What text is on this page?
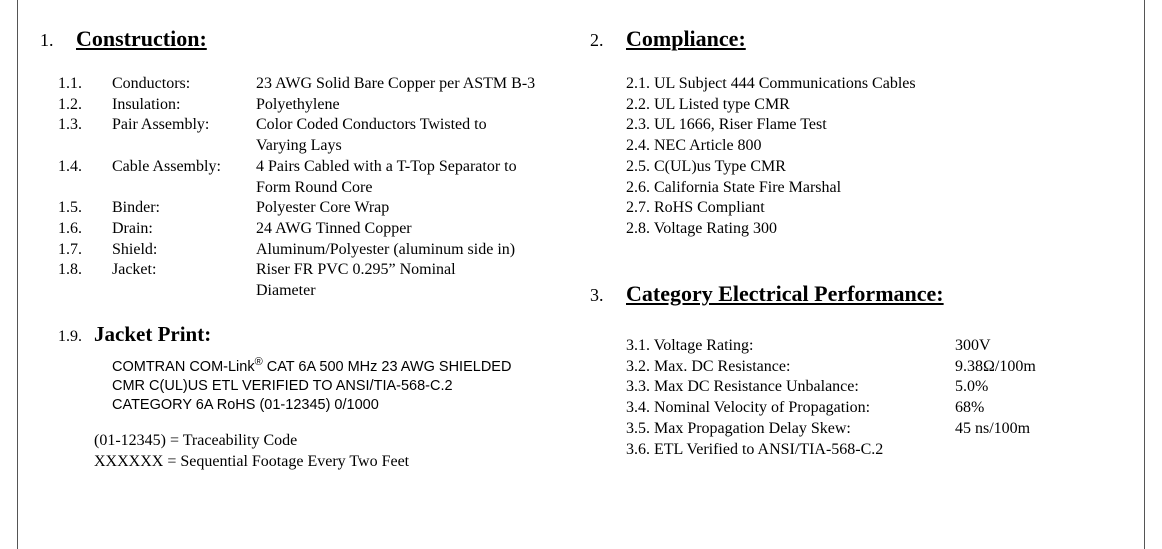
1. Construction:
1.1.
1.2.
1.3.

1.4.

1.5.
1.6.
1.7.
1.8.
Conductors:
Insulation:
Pair Assembly:

Cable Assembly:

Binder:
Drain:
Shield:
Jacket:
23 AWG Solid Bare Copper per ASTM B-3
Polyethylene
Color Coded Conductors Twisted to
Varying Lays
4 Pairs Cabled with a T-Top Separator to
Form Round Core
Polyester Core Wrap
24 AWG Tinned Copper
Aluminum/Polyester (aluminum side in)
Riser FR PVC 0.295” Nominal
Diameter
1.9. Jacket Print:
COMTRAN COM-Link® CAT 6A 500 MHz 23 AWG SHIELDED
CMR C(UL)US ETL VERIFIED TO ANSI/TIA-568-C.2
CATEGORY 6A RoHS (01-12345) 0/1000
(01-12345) = Traceability Code
XXXXXX = Sequential Footage Every Two Feet
2. Compliance:
2.1. UL Subject 444 Communications Cables
2.2. UL Listed type CMR
2.3. UL 1666, Riser Flame Test
2.4. NEC Article 800
2.5. C(UL)us Type CMR
2.6. California State Fire Marshal
2.7. RoHS Compliant
2.8. Voltage Rating 300
3. Category Electrical Performance:
3.1. Voltage Rating:
3.2. Max. DC Resistance:
3.3. Max DC Resistance Unbalance:
3.4. Nominal Velocity of Propagation:
3.5. Max Propagation Delay Skew:
3.6. ETL Verified to ANSI/TIA-568-C.2
300V
9.38Ω/100m
5.0%
68%
45 ns/100m
